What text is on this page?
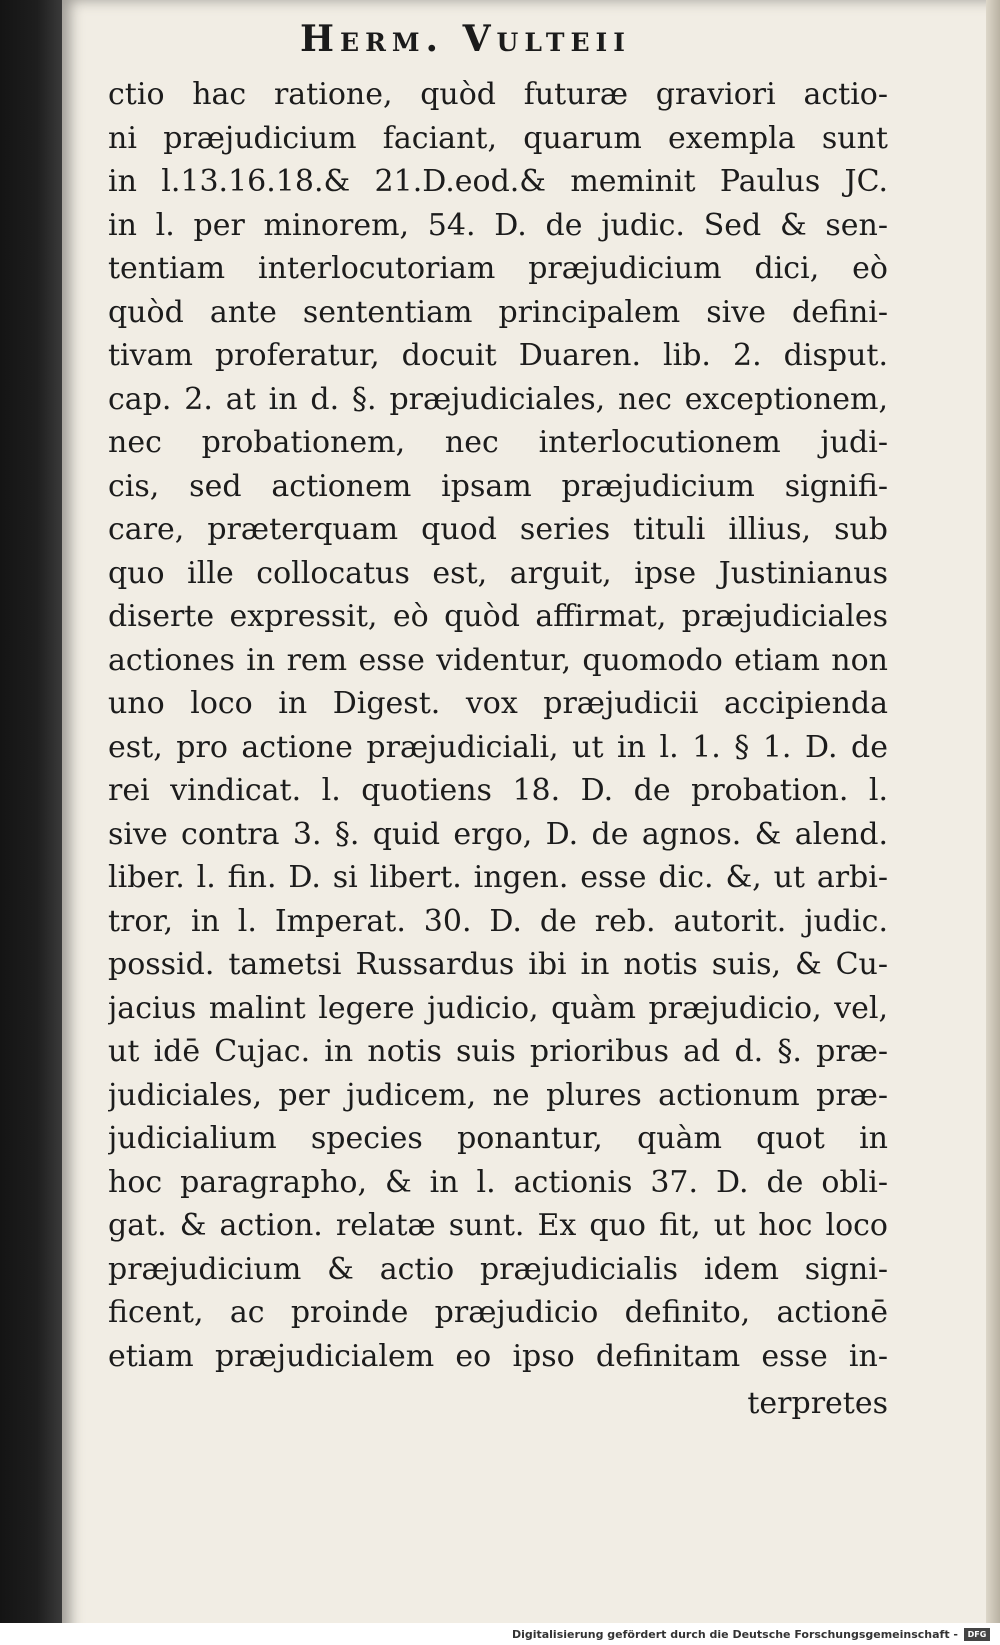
Herm. Vulteii
ctio hac ratione, quòd futuræ graviori actio-
ni præjudicium faciant, quarum exempla sunt
in l.13.16.18.& 21.D.eod.& meminit Paulus JC.
in l. per minorem, 54. D. de judic. Sed & sen-
tentiam interlocutoriam præjudicium dici, eò
quòd ante sententiam principalem sive defini-
tivam proferatur, docuit Duaren. lib. 2. disput.
cap. 2. at in d. §. præjudiciales, nec exceptionem,
nec probationem, nec interlocutionem judi-
cis, sed actionem ipsam præjudicium signifi-
care, præterquam quod series tituli illius, sub
quo ille collocatus est, arguit, ipse Justinianus
diserte expressit, eò quòd affirmat, præjudiciales
actiones in rem esse videntur, quomodo etiam non
uno loco in Digest. vox præjudicii accipienda
est, pro actione præjudiciali, ut in l. 1. § 1. D. de
rei vindicat. l. quotiens 18. D. de probation. l.
sive contra 3. §. quid ergo, D. de agnos. & alend.
liber. l. fin. D. si libert. ingen. esse dic. &, ut arbi-
tror, in l. Imperat. 30. D. de reb. autorit. judic.
possid. tametsi Russardus ibi in notis suis, & Cu-
jacius malint legere judicio, quàm præjudicio, vel,
ut idē Cujac. in notis suis prioribus ad d. §. præ-
judiciales, per judicem, ne plures actionum præ-
judicialium species ponantur, quàm quot in
hoc paragrapho, & in l. actionis 37. D. de obli-
gat. & action. relatæ sunt. Ex quo fit, ut hoc loco
præjudicium & actio præjudicialis idem signi-
ficent, ac proinde præjudicio definito, actionē
etiam præjudicialem eo ipso definitam esse in-
terpretes
Digitalisierung gefördert durch die Deutsche Forschungsgemeinschaft -	DFG
